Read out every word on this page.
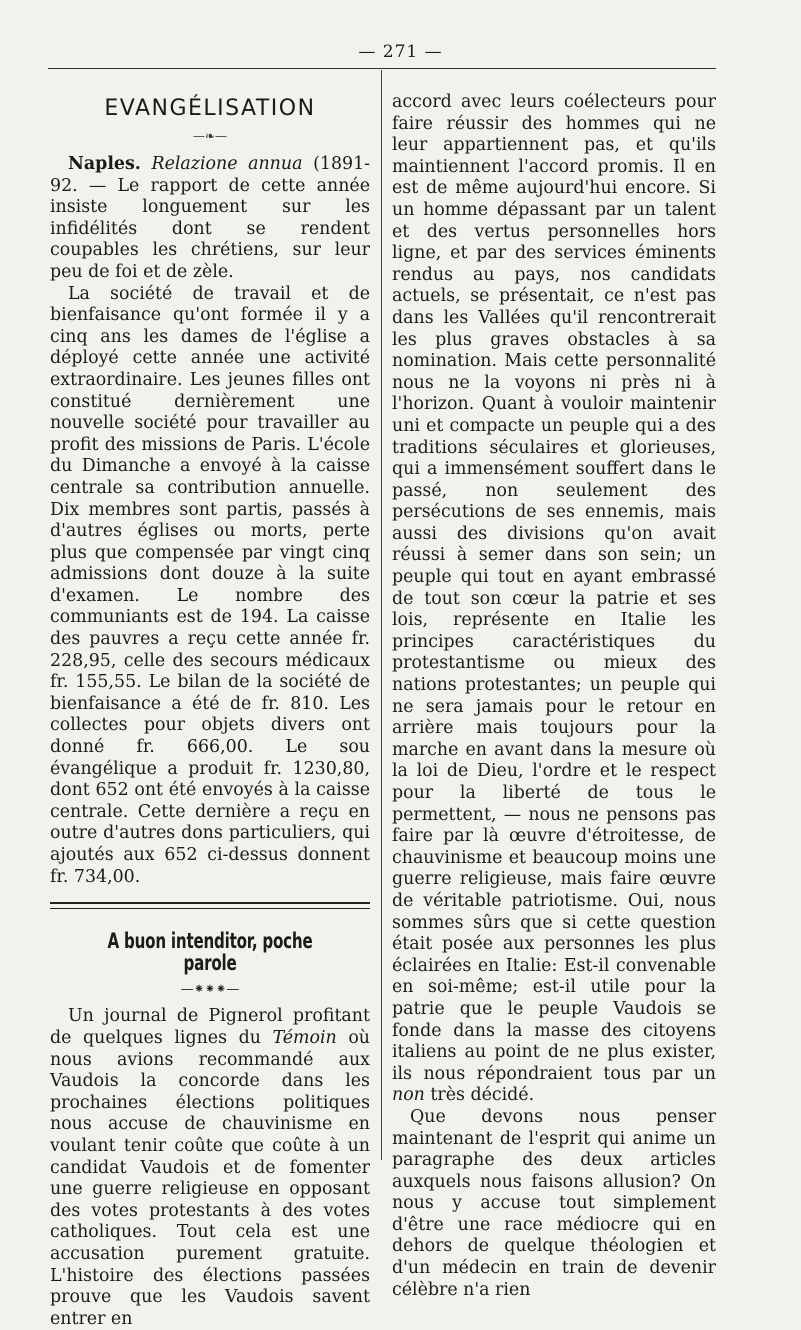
— 271 —
EVANGÉLISATION
—❧—

Naples. Relazione annua (1891-92. — Le rapport de cette année insiste longuement sur les infidélités dont se rendent coupables les chrétiens, sur leur peu de foi et de zèle.

La société de travail et de bienfaisance qu'ont formée il y a cinq ans les dames de l'église a déployé cette année une activité extraordinaire. Les jeunes filles ont constitué dernièrement une nouvelle société pour travailler au profit des missions de Paris. L'école du Dimanche a envoyé à la caisse centrale sa contribution annuelle. Dix membres sont partis, passés à d'autres églises ou morts, perte plus que compensée par vingt cinq admissions dont douze à la suite d'examen. Le nombre des communiants est de 194. La caisse des pauvres a reçu cette année fr. 228,95, celle des secours médicaux fr. 155,55. Le bilan de la société de bienfaisance a été de fr. 810. Les collectes pour objets divers ont donné fr. 666,00. Le sou évangélique a produit fr. 1230,80, dont 652 ont été envoyés à la caisse centrale. Cette dernière a reçu en outre d'autres dons particuliers, qui ajoutés aux 652 ci-dessus donnent fr. 734,00.

A buon intenditor, poche parole
—⁕⁕⁕—

Un journal de Pignerol profitant de quelques lignes du Témoin où nous avions recommandé aux Vaudois la concorde dans les prochaines élections politiques nous accuse de chauvinisme en voulant tenir coûte que coûte à un candidat Vaudois et de fomenter une guerre religieuse en opposant des votes protestants à des votes catholiques. Tout cela est une accusation purement gratuite. L'histoire des élections passées prouve que les Vaudois savent entrer en

accord avec leurs coélecteurs pour faire réussir des hommes qui ne leur appartiennent pas, et qu'ils maintiennent l'accord promis. Il en est de même aujourd'hui encore. Si un homme dépassant par un talent et des vertus personnelles hors ligne, et par des services éminents rendus au pays, nos candidats actuels, se présentait, ce n'est pas dans les Vallées qu'il rencontrerait les plus graves obstacles à sa nomination. Mais cette personnalité nous ne la voyons ni près ni à l'horizon. Quant à vouloir maintenir uni et compacte un peuple qui a des traditions séculaires et glorieuses, qui a immensément souffert dans le passé, non seulement des persécutions de ses ennemis, mais aussi des divisions qu'on avait réussi à semer dans son sein; un peuple qui tout en ayant embrassé de tout son cœur la patrie et ses lois, représente en Italie les principes caractéristiques du protestantisme ou mieux des nations protestantes; un peuple qui ne sera jamais pour le retour en arrière mais toujours pour la marche en avant dans la mesure où la loi de Dieu, l'ordre et le respect pour la liberté de tous le permettent, — nous ne pensons pas faire par là œuvre d'étroitesse, de chauvinisme et beaucoup moins une guerre religieuse, mais faire œuvre de véritable patriotisme. Oui, nous sommes sûrs que si cette question était posée aux personnes les plus éclairées en Italie: Est-il convenable en soi-même; est-il utile pour la patrie que le peuple Vaudois se fonde dans la masse des citoyens italiens au point de ne plus exister, ils nous répondraient tous par un non très décidé.

Que devons nous penser maintenant de l'esprit qui anime un paragraphe des deux articles auxquels nous faisons allusion? On nous y accuse tout simplement d'être une race médiocre qui en dehors de quelque théologien et d'un médecin en train de devenir célèbre n'a rien
